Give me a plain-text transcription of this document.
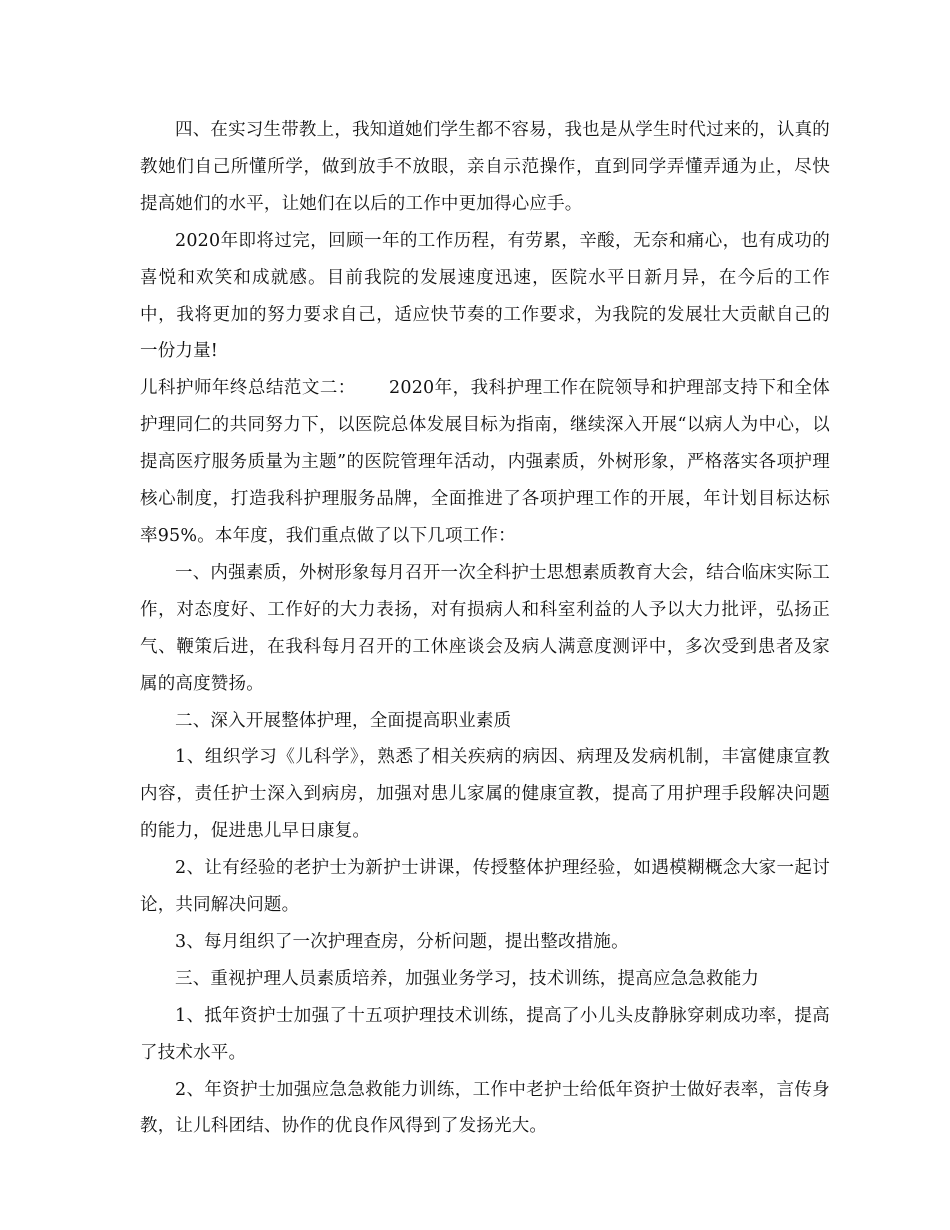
四、在实习生带教上，我知道她们学生都不容易，我也是从学生时代过来的，认真的教她们自己所懂所学，做到放手不放眼，亲自示范操作，直到同学弄懂弄通为止，尽快提高她们的水平，让她们在以后的工作中更加得心应手。

2020年即将过完，回顾一年的工作历程，有劳累，辛酸，无奈和痛心，也有成功的喜悦和欢笑和成就感。目前我院的发展速度迅速，医院水平日新月异，在今后的工作中，我将更加的努力要求自己，适应快节奏的工作要求，为我院的发展壮大贡献自己的一份力量!

儿科护师年终总结范文二：　　 2020年，我科护理工作在院领导和护理部支持下和全体护理同仁的共同努力下，以医院总体发展目标为指南，继续深入开展“以病人为中心，以提高医疗服务质量为主题”的医院管理年活动，内强素质，外树形象，严格落实各项护理核心制度，打造我科护理服务品牌，全面推进了各项护理工作的开展，年计划目标达标率95%。本年度，我们重点做了以下几项工作：

一、内强素质，外树形象每月召开一次全科护士思想素质教育大会，结合临床实际工作，对态度好、工作好的大力表扬，对有损病人和科室利益的人予以大力批评，弘扬正气、鞭策后进，在我科每月召开的工休座谈会及病人满意度测评中，多次受到患者及家属的高度赞扬。

二、深入开展整体护理，全面提高职业素质

1、组织学习《儿科学》，熟悉了相关疾病的病因、病理及发病机制，丰富健康宣教内容，责任护士深入到病房，加强对患儿家属的健康宣教，提高了用护理手段解决问题的能力，促进患儿早日康复。

2、让有经验的老护士为新护士讲课，传授整体护理经验，如遇模糊概念大家一起讨论，共同解决问题。

3、每月组织了一次护理查房，分析问题，提出整改措施。

三、重视护理人员素质培养，加强业务学习，技术训练，提高应急急救能力

1、抵年资护士加强了十五项护理技术训练，提高了小儿头皮静脉穿刺成功率，提高了技术水平。

2、年资护士加强应急急救能力训练，工作中老护士给低年资护士做好表率，言传身教，让儿科团结、协作的优良作风得到了发扬光大。
